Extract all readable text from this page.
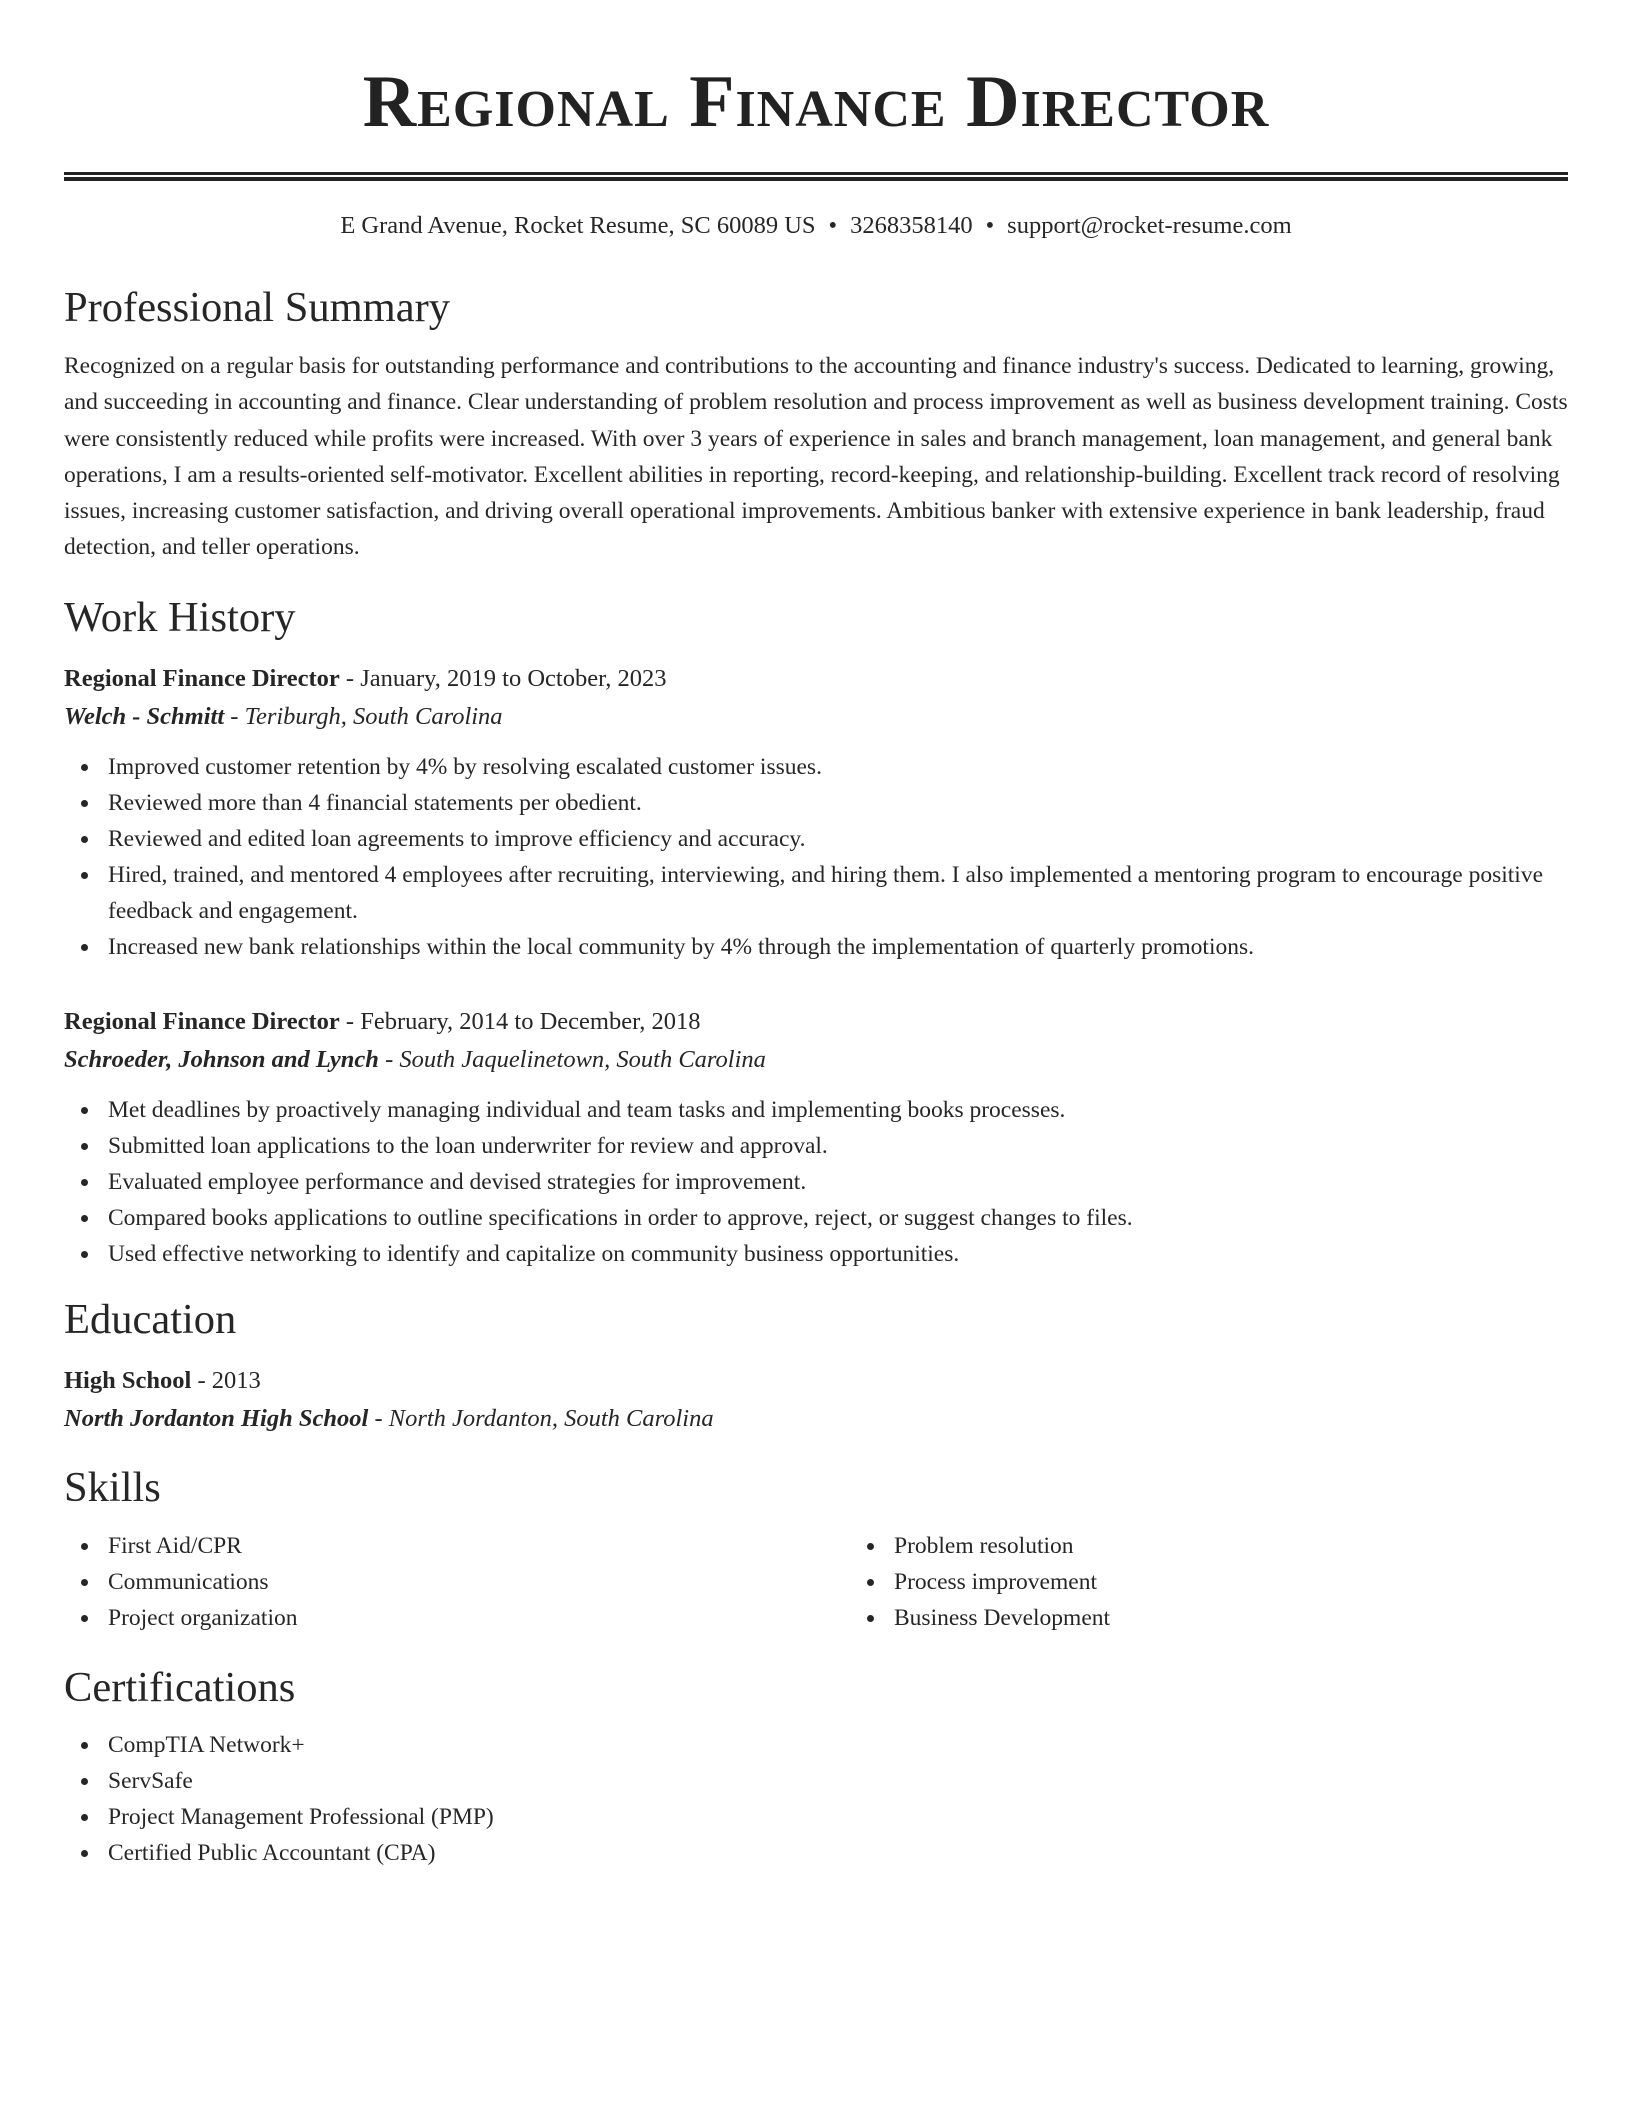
Regional Finance Director
E Grand Avenue, Rocket Resume, SC 60089 US • 3268358140 • support@rocket-resume.com
Professional Summary
Recognized on a regular basis for outstanding performance and contributions to the accounting and finance industry's success. Dedicated to learning, growing, and succeeding in accounting and finance. Clear understanding of problem resolution and process improvement as well as business development training. Costs were consistently reduced while profits were increased. With over 3 years of experience in sales and branch management, loan management, and general bank operations, I am a results-oriented self-motivator. Excellent abilities in reporting, record-keeping, and relationship-building. Excellent track record of resolving issues, increasing customer satisfaction, and driving overall operational improvements. Ambitious banker with extensive experience in bank leadership, fraud detection, and teller operations.
Work History
Regional Finance Director - January, 2019 to October, 2023
Welch - Schmitt - Teriburgh, South Carolina
Improved customer retention by 4% by resolving escalated customer issues.
Reviewed more than 4 financial statements per obedient.
Reviewed and edited loan agreements to improve efficiency and accuracy.
Hired, trained, and mentored 4 employees after recruiting, interviewing, and hiring them. I also implemented a mentoring program to encourage positive feedback and engagement.
Increased new bank relationships within the local community by 4% through the implementation of quarterly promotions.
Regional Finance Director - February, 2014 to December, 2018
Schroeder, Johnson and Lynch - South Jaquelinetown, South Carolina
Met deadlines by proactively managing individual and team tasks and implementing books processes.
Submitted loan applications to the loan underwriter for review and approval.
Evaluated employee performance and devised strategies for improvement.
Compared books applications to outline specifications in order to approve, reject, or suggest changes to files.
Used effective networking to identify and capitalize on community business opportunities.
Education
High School - 2013
North Jordanton High School - North Jordanton, South Carolina
Skills
First Aid/CPR
Communications
Project organization
Problem resolution
Process improvement
Business Development
Certifications
CompTIA Network+
ServSafe
Project Management Professional (PMP)
Certified Public Accountant (CPA)
